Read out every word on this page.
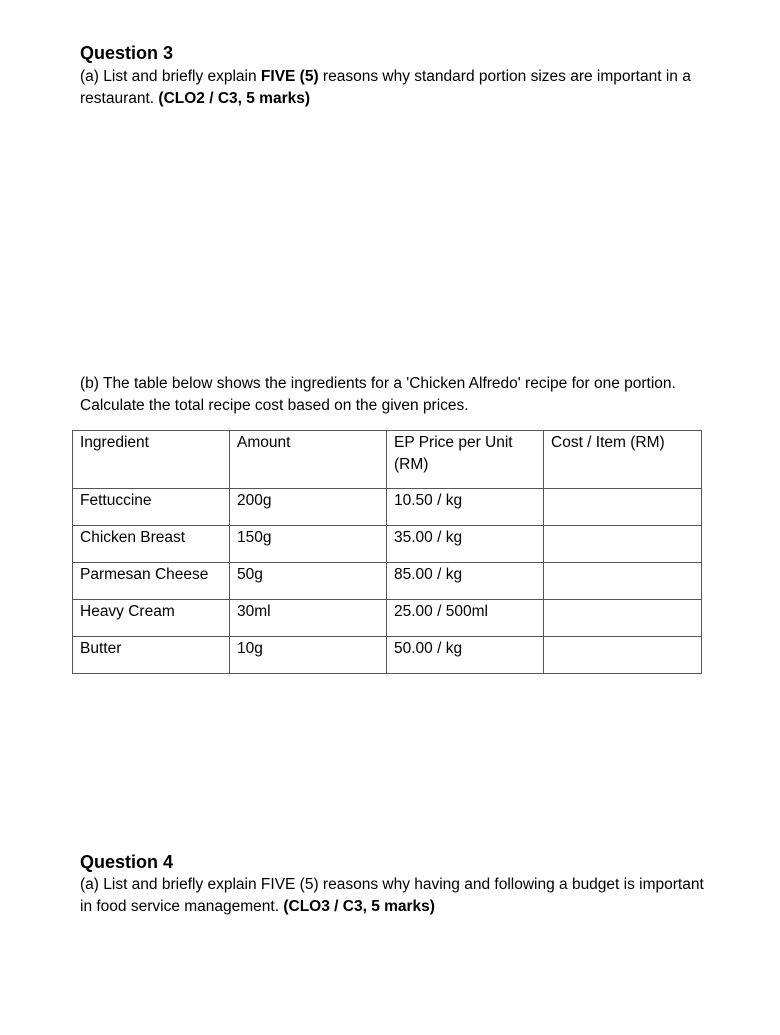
Question 3

(a) List and briefly explain FIVE (5) reasons why standard portion sizes are important in a restaurant. (CLO2 / C3, 5 marks)

(b) The table below shows the ingredients for a 'Chicken Alfredo' recipe for one portion. Calculate the total recipe cost based on the given prices.

Ingredient	Amount	EP Price per Unit (RM)	Cost / Item (RM)
Fettuccine	200g	10.50 / kg	
Chicken Breast	150g	35.00 / kg	
Parmesan Cheese	50g	85.00 / kg	
Heavy Cream	30ml	25.00 / 500ml	
Butter	10g	50.00 / kg	
Question 4

(a) List and briefly explain FIVE (5) reasons why having and following a budget is important in food service management. (CLO3 / C3, 5 marks)
